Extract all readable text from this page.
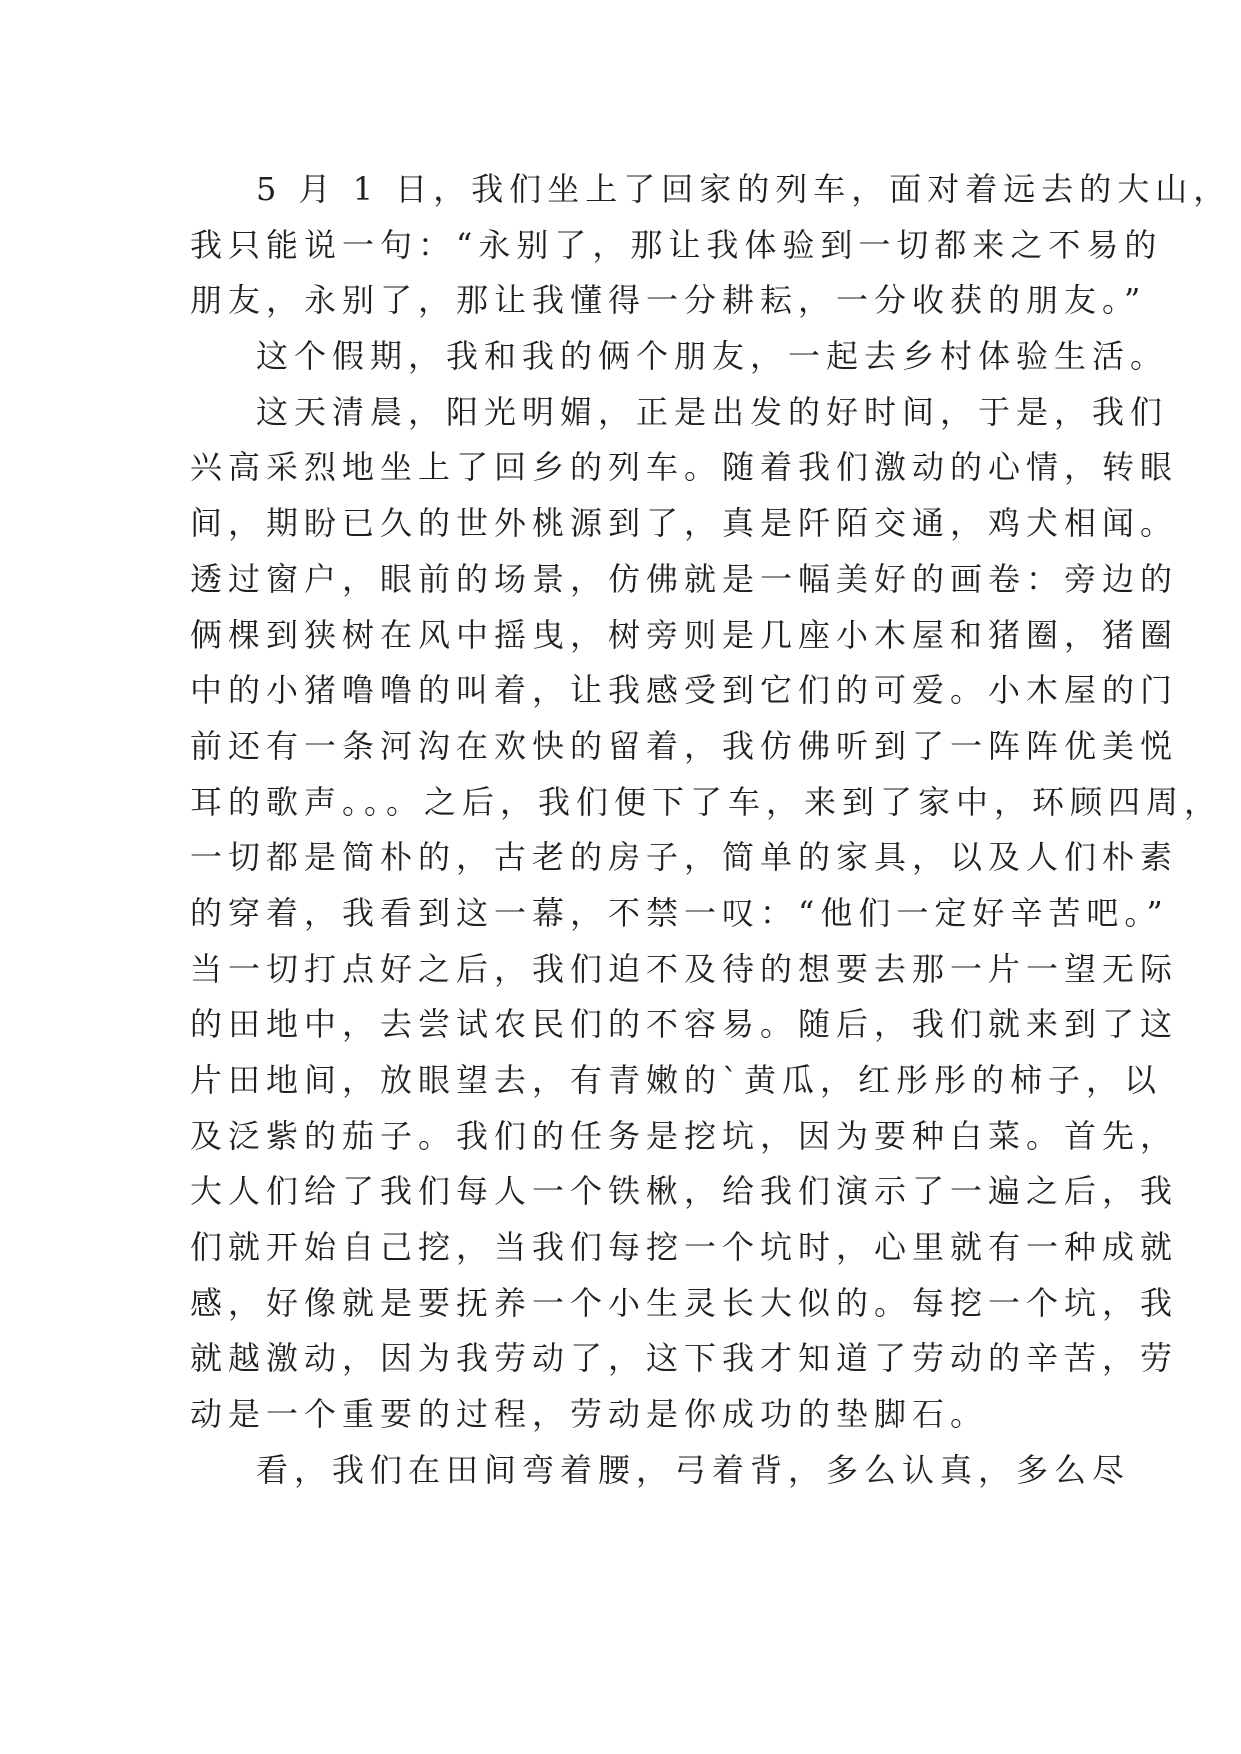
5 月 1 日，我们坐上了回家的列车，面对着远去的大山，
我只能说一句：“永别了，那让我体验到一切都来之不易的
朋友，永别了，那让我懂得一分耕耘，一分收获的朋友。”
这个假期，我和我的俩个朋友，一起去乡村体验生活。
这天清晨，阳光明媚，正是出发的好时间，于是，我们
兴高采烈地坐上了回乡的列车。随着我们激动的心情，转眼
间，期盼已久的世外桃源到了，真是阡陌交通，鸡犬相闻。
透过窗户，眼前的场景，仿佛就是一幅美好的画卷：旁边的
俩棵到狭树在风中摇曳，树旁则是几座小木屋和猪圈，猪圈
中的小猪噜噜的叫着，让我感受到它们的可爱。小木屋的门
前还有一条河沟在欢快的留着，我仿佛听到了一阵阵优美悦
耳的歌声。。。之后，我们便下了车，来到了家中，环顾四周，
一切都是简朴的，古老的房子，简单的家具，以及人们朴素
的穿着，我看到这一幕，不禁一叹：“他们一定好辛苦吧。”
当一切打点好之后，我们迫不及待的想要去那一片一望无际
的田地中，去尝试农民们的不容易。随后，我们就来到了这
片田地间，放眼望去，有青嫩的`黄瓜，红彤彤的柿子，以
及泛紫的茄子。我们的任务是挖坑，因为要种白菜。首先，
大人们给了我们每人一个铁楸，给我们演示了一遍之后，我
们就开始自己挖，当我们每挖一个坑时，心里就有一种成就
感，好像就是要抚养一个小生灵长大似的。每挖一个坑，我
就越激动，因为我劳动了，这下我才知道了劳动的辛苦，劳
动是一个重要的过程，劳动是你成功的垫脚石。
看，我们在田间弯着腰，弓着背，多么认真，多么尽
